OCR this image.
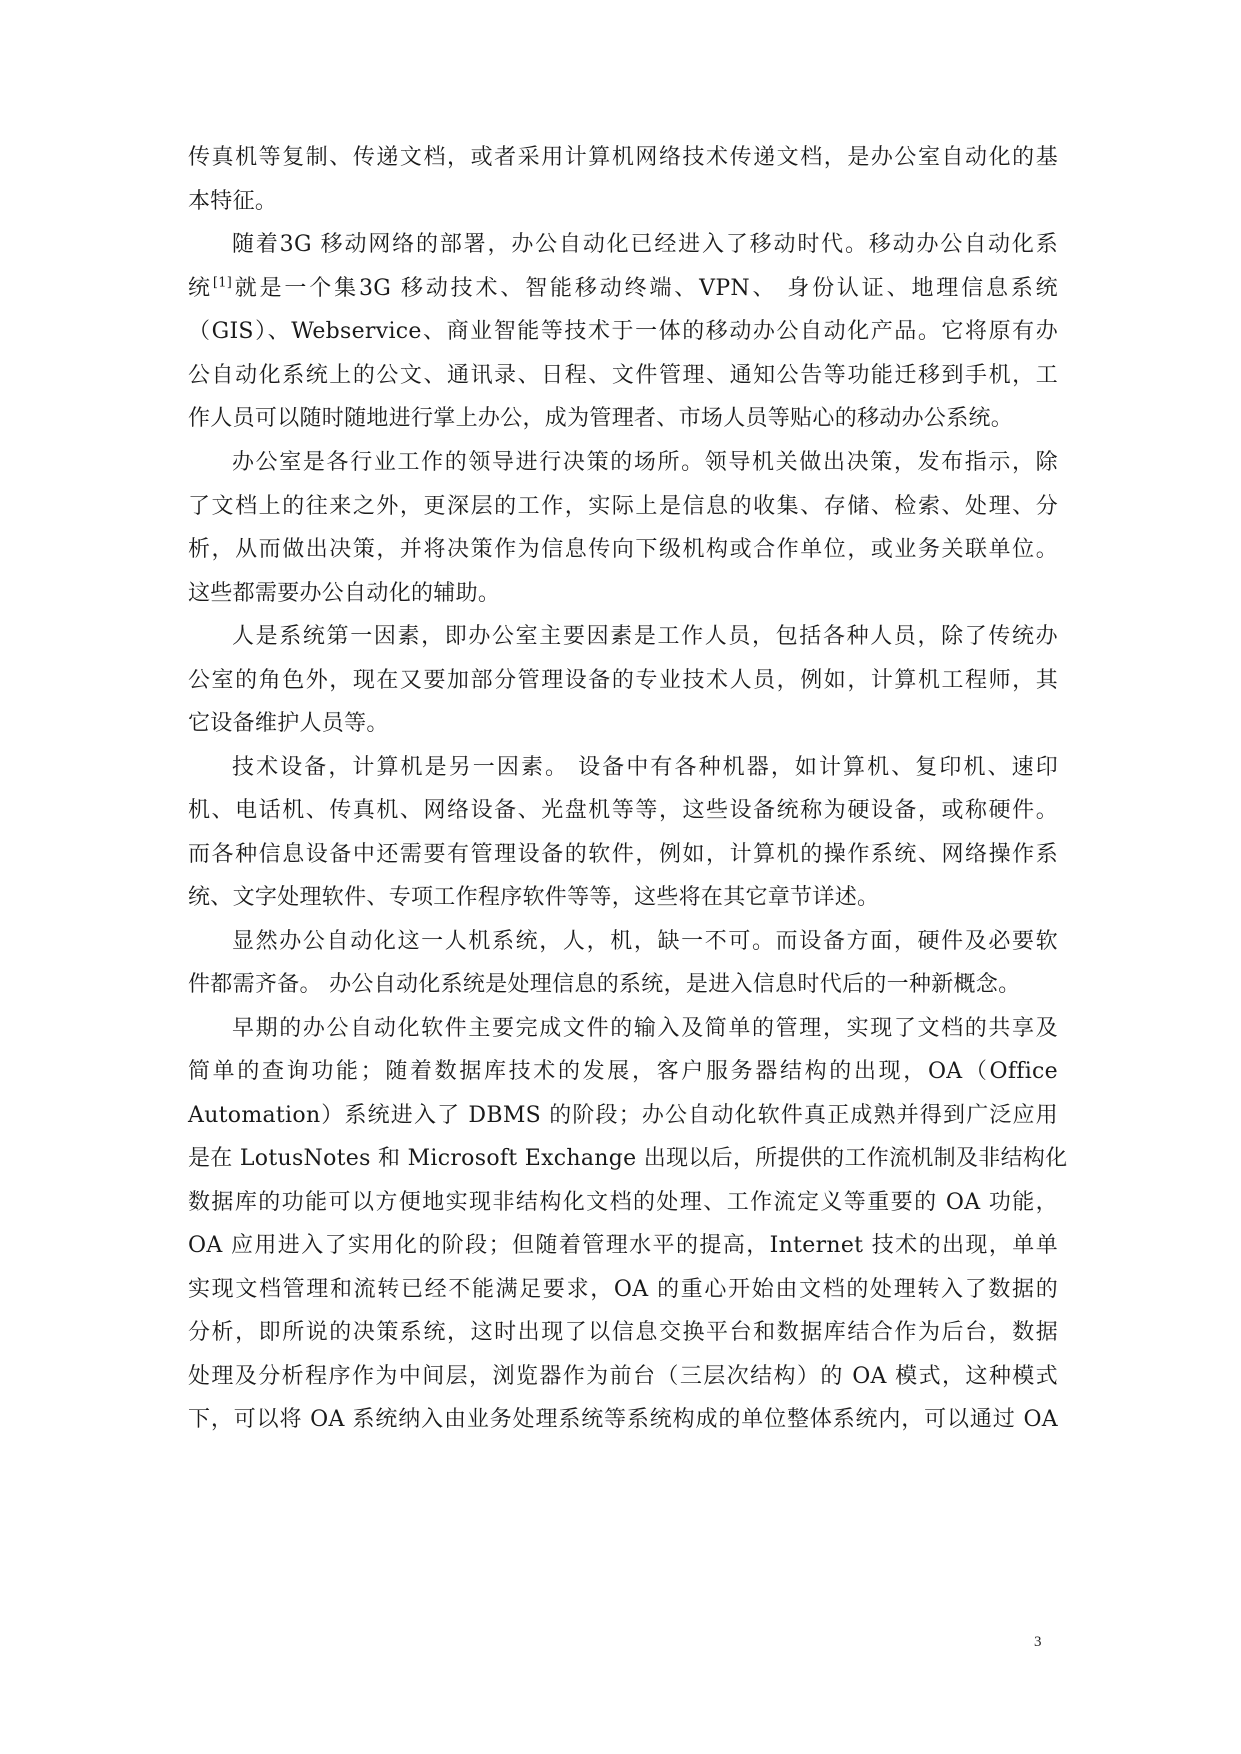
传真机等复制、传递文档，或者采用计算机网络技术传递文档，是办公室自动化的基
本特征。
随着3G 移动网络的部署，办公自动化已经进入了移动时代。移动办公自动化系
统[1]就是一个集3G 移动技术、智能移动终端、VPN、 身份认证、地理信息系统
（GIS）、Webservice、商业智能等技术于一体的移动办公自动化产品。它将原有办
公自动化系统上的公文、通讯录、日程、文件管理、通知公告等功能迁移到手机，工
作人员可以随时随地进行掌上办公，成为管理者、市场人员等贴心的移动办公系统。
办公室是各行业工作的领导进行决策的场所。领导机关做出决策，发布指示，除
了文档上的往来之外，更深层的工作，实际上是信息的收集、存储、检索、处理、分
析，从而做出决策，并将决策作为信息传向下级机构或合作单位，或业务关联单位。
这些都需要办公自动化的辅助。
人是系统第一因素，即办公室主要因素是工作人员，包括各种人员，除了传统办
公室的角色外，现在又要加部分管理设备的专业技术人员，例如，计算机工程师，其
它设备维护人员等。
技术设备，计算机是另一因素。 设备中有各种机器，如计算机、复印机、速印
机、电话机、传真机、网络设备、光盘机等等，这些设备统称为硬设备，或称硬件。
而各种信息设备中还需要有管理设备的软件，例如，计算机的操作系统、网络操作系
统、文字处理软件、专项工作程序软件等等，这些将在其它章节详述。
显然办公自动化这一人机系统，人，机，缺一不可。而设备方面，硬件及必要软
件都需齐备。 办公自动化系统是处理信息的系统，是进入信息时代后的一种新概念。
早期的办公自动化软件主要完成文件的输入及简单的管理，实现了文档的共享及
简单的查询功能；随着数据库技术的发展，客户服务器结构的出现，OA（Office
Automation）系统进入了 DBMS 的阶段；办公自动化软件真正成熟并得到广泛应用
是在 LotusNotes 和 Microsoft Exchange 出现以后，所提供的工作流机制及非结构化
数据库的功能可以方便地实现非结构化文档的处理、工作流定义等重要的 OA 功能，
OA 应用进入了实用化的阶段；但随着管理水平的提高，Internet 技术的出现，单单
实现文档管理和流转已经不能满足要求，OA 的重心开始由文档的处理转入了数据的
分析，即所说的决策系统，这时出现了以信息交换平台和数据库结合作为后台，数据
处理及分析程序作为中间层，浏览器作为前台（三层次结构）的 OA 模式，这种模式
下，可以将 OA 系统纳入由业务处理系统等系统构成的单位整体系统内，可以通过 OA
3
